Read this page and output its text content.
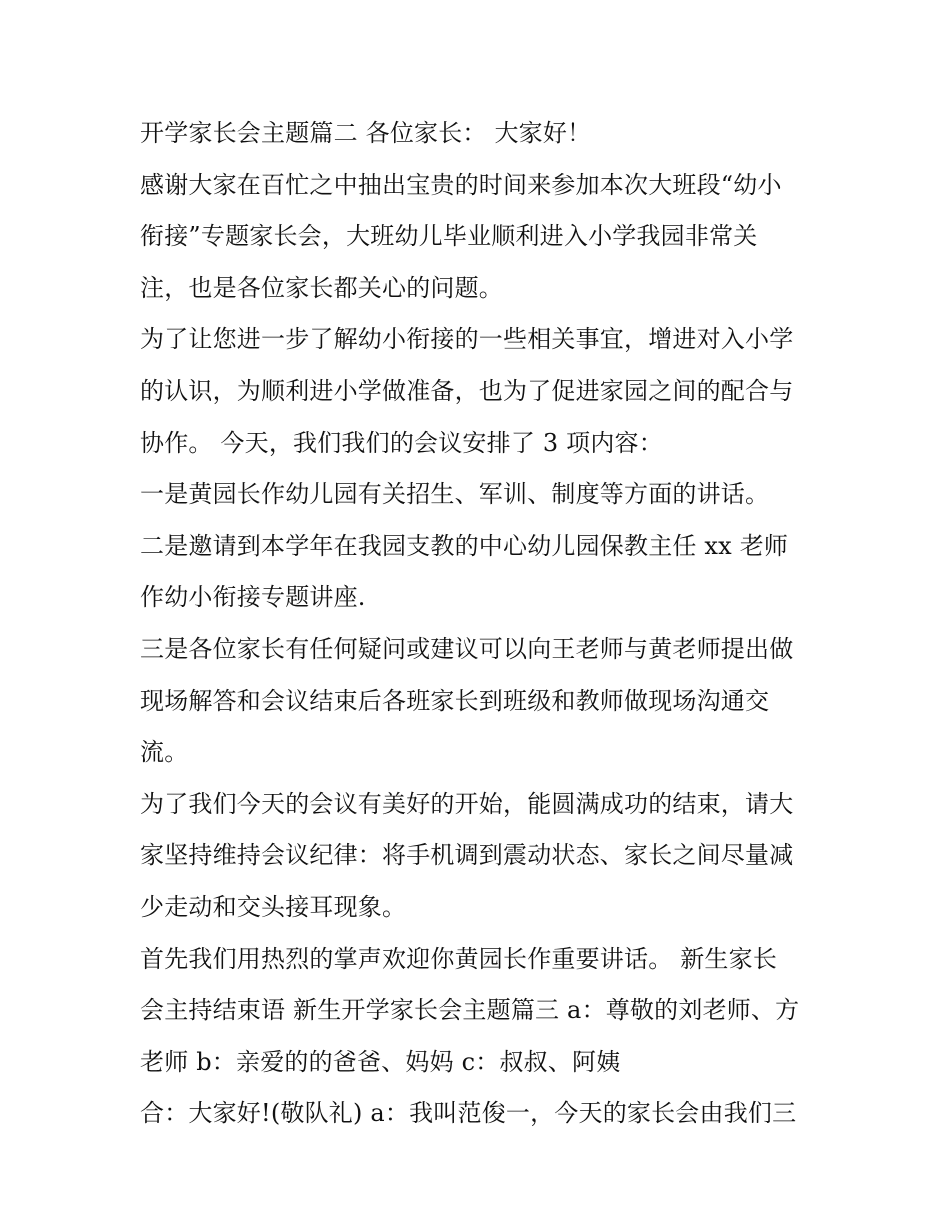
开学家长会主题篇二 各位家长： 大家好！
感谢大家在百忙之中抽出宝贵的时间来参加本次大班段“幼小
衔接”专题家长会，大班幼儿毕业顺利进入小学我园非常关
注，也是各位家长都关心的问题。
为了让您进一步了解幼小衔接的一些相关事宜，增进对入小学
的认识，为顺利进小学做准备，也为了促进家园之间的配合与
协作。 今天，我们我们的会议安排了 3 项内容：
一是黄园长作幼儿园有关招生、军训、制度等方面的讲话。
二是邀请到本学年在我园支教的中心幼儿园保教主任 xx 老师
作幼小衔接专题讲座.
三是各位家长有任何疑问或建议可以向王老师与黄老师提出做
现场解答和会议结束后各班家长到班级和教师做现场沟通交
流。
为了我们今天的会议有美好的开始，能圆满成功的结束，请大
家坚持维持会议纪律：将手机调到震动状态、家长之间尽量减
少走动和交头接耳现象。
首先我们用热烈的掌声欢迎你黄园长作重要讲话。 新生家长
会主持结束语 新生开学家长会主题篇三 a：尊敬的刘老师、方
老师 b：亲爱的的爸爸、妈妈 c：叔叔、阿姨
合：大家好!(敬队礼) a：我叫范俊一，今天的家长会由我们三
